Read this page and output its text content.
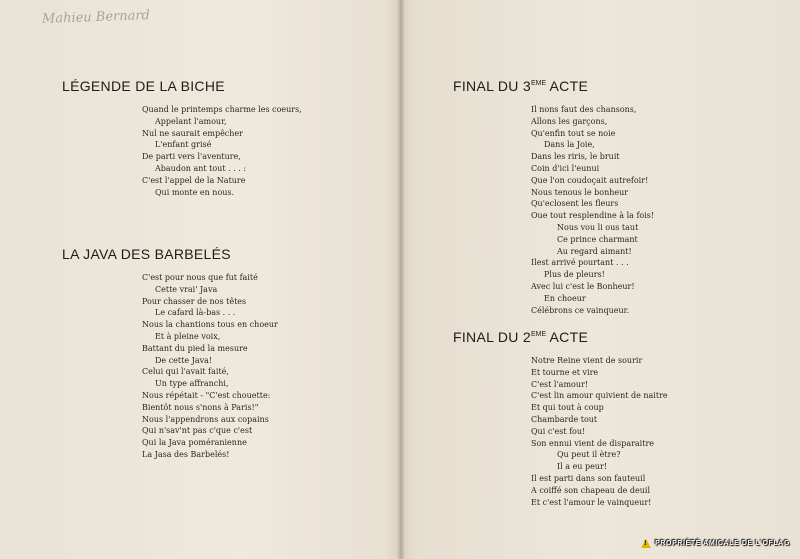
Mahieu Bernard
LÉGENDE DE LA BICHE
Quand le printemps charme les coeurs,
Appelant l'amour,
Nul ne saurait empêcher
L'enfant grisé
De parti vers l'aventure,
Abaudon ant tout . . . :
C'est l'appel de la Nature
Qui monte en nous.
LA JAVA DES BARBELÉS
C'est pour nous que fut faité
Cette vrai' Java
Pour chasser de nos têtes
Le cafard là-bas . . .
Nous la chantions tous en choeur
Et à pleine voix,
Battant du pied la mesure
De cette Java!
Celui qui l'avait faité,
Un type affranchi,
Nous répétait - "C'est chouette:
Bientôt nous s'nons à Paris!"
Nous l'appendrons aux copains
Qui n'sav'nt pas c'que c'est
Qui la Java poméranienne
La Jasa des Barbelés!
FINAL DU 3EME ACTE
Il nons faut des chansons,
Allons les garçons,
Qu'enfin tout se noie
Dans la Joie,
Dans les riris, le bruit
Coin d'ici l'eunui
Que l'on coudoçait autrefoir!
Nous tenous le bonheur
Qu'eclosent les fleurs
Oue tout resplendine à la fois!
Nous vou li ous taut
Ce prince charmant
Au regard aimant!
Ilest arrivé pourtant . . .
Plus de pleurs!
Avec lui c'est le Bonheur!
En choeur
Célébrons ce vainqueur.
FINAL DU 2EME ACTE
Notre Reine vient de sourir
Et tourne et vire
C'est l'amour!
C'est lin amour quivient de naitre
Et qui tout à coup
Chambarde tout
Qui c'est fou!
Son ennui vient de disparaitre
Qu peut il ètre?
Il a eu peur!
Il est parti dans son fauteuil
A coiffé son chapeau de deuil
Et c'est l'amour le vainqueur!
!
PROPRIÉTÉ AMICALE DE L'OFLAG
